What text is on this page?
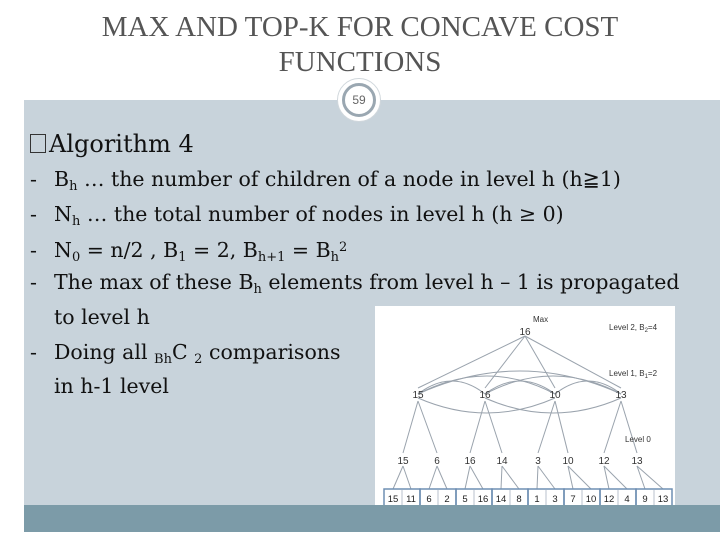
MAX AND TOP-K FOR CONCAVE COST
FUNCTIONS
59
Algorithm 4
- $B_h$ … the number of children of a node in level h (h≧1)
- $N_h$ … the total number of nodes in level h (h ≥ 0)
- $N_0 = n/2$ , $B_1 = 2$, $B_{h+1} = B_h^2$
- The max of these $B_h$ elements from level h – 1 is propagated
to level h
- Doing all $_{Bh}$C $_2$ comparisons
in h-1 level
Max
16	Level 2, $B_2=4$
Level 1, $B_1=2$
Level 0
15	16	10	13
15	6 16 14	3 10 12 13
15 11 6 2 5 16 14 8 1 3 7 10 12 4 9 13
